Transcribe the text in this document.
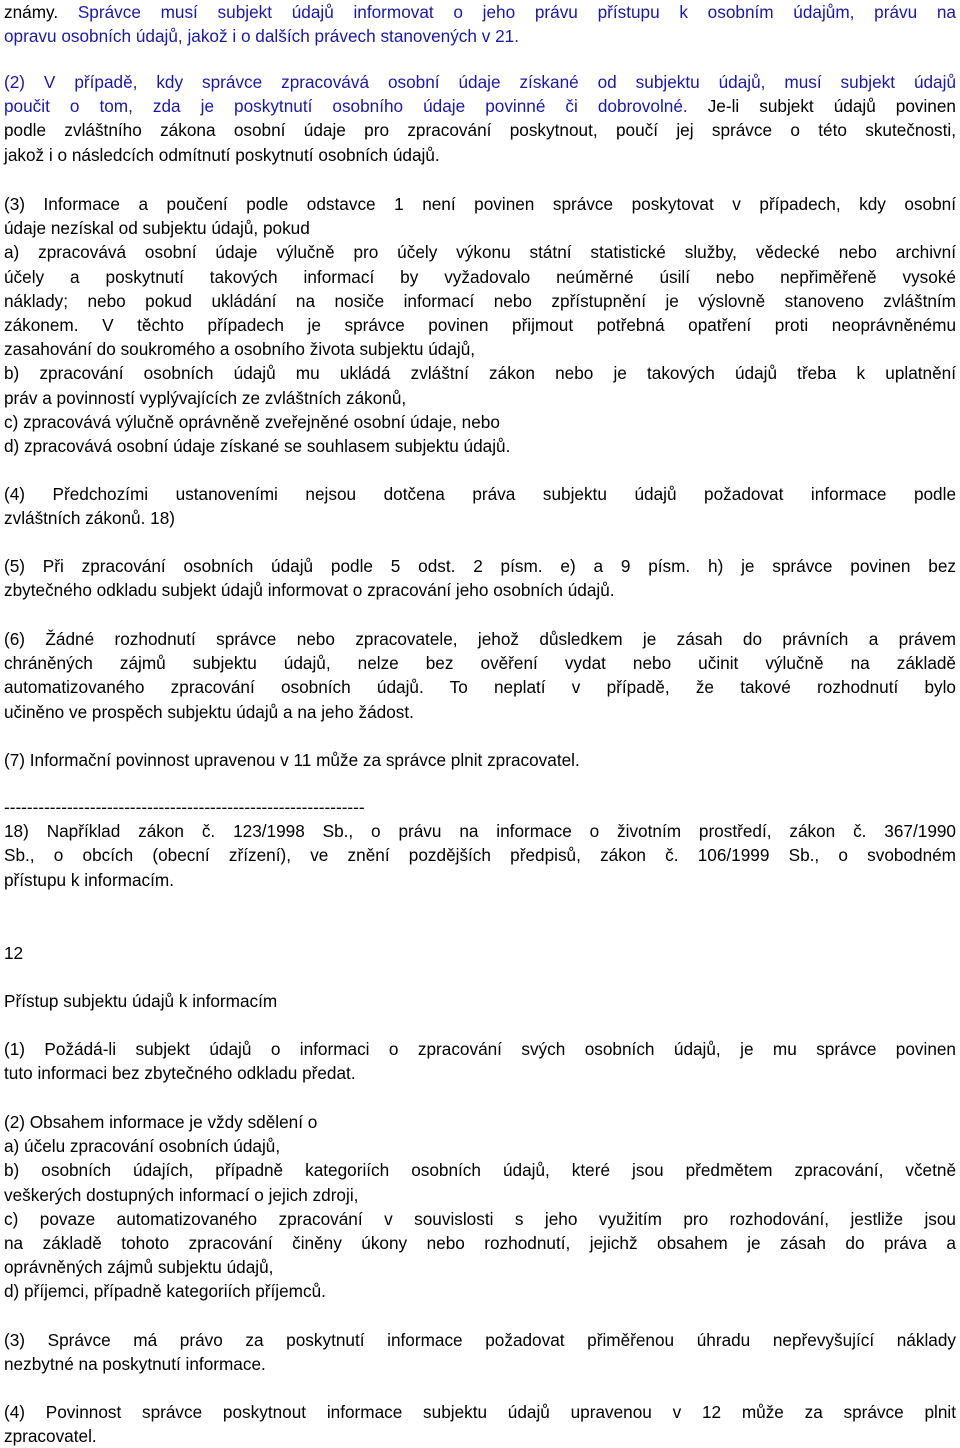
známy. Správce musí subjekt údajů informovat o jeho právu přístupu k osobním údajům, právu na
opravu osobních údajů, jakož i o dalších právech stanovených v 21.
(2) V případě, kdy správce zpracovává osobní údaje získané od subjektu údajů, musí subjekt údajů
poučit o tom, zda je poskytnutí osobního údaje povinné či dobrovolné. Je-li subjekt údajů povinen
podle zvláštního zákona osobní údaje pro zpracování poskytnout, poučí jej správce o této skutečnosti,
jakož i o následcích odmítnutí poskytnutí osobních údajů.
(3) Informace a poučení podle odstavce 1 není povinen správce poskytovat v případech, kdy osobní
údaje nezískal od subjektu údajů, pokud
a) zpracovává osobní údaje výlučně pro účely výkonu státní statistické služby, vědecké nebo archivní
účely a poskytnutí takových informací by vyžadovalo neúměrné úsilí nebo nepřiměřeně vysoké
náklady; nebo pokud ukládání na nosiče informací nebo zpřístupnění je výslovně stanoveno zvláštním
zákonem. V těchto případech je správce povinen přijmout potřebná opatření proti neoprávněnému
zasahování do soukromého a osobního života subjektu údajů,
b) zpracování osobních údajů mu ukládá zvláštní zákon nebo je takových údajů třeba k uplatnění
práv a povinností vyplývajících ze zvláštních zákonů,
c) zpracovává výlučně oprávněně zveřejněné osobní údaje, nebo
d) zpracovává osobní údaje získané se souhlasem subjektu údajů.
(4) Předchozími ustanoveními nejsou dotčena práva subjektu údajů požadovat informace podle
zvláštních zákonů. 18)
(5) Při zpracování osobních údajů podle 5 odst. 2 písm. e) a 9 písm. h) je správce povinen bez
zbytečného odkladu subjekt údajů informovat o zpracování jeho osobních údajů.
(6) Žádné rozhodnutí správce nebo zpracovatele, jehož důsledkem je zásah do právních a právem
chráněných zájmů subjektu údajů, nelze bez ověření vydat nebo učinit výlučně na základě
automatizovaného zpracování osobních údajů. To neplatí v případě, že takové rozhodnutí bylo
učiněno ve prospěch subjektu údajů a na jeho žádost.
(7) Informační povinnost upravenou v 11 může za správce plnit zpracovatel.
---------------------------------------------------------------
18) Například zákon č. 123/1998 Sb., o právu na informace o životním prostředí, zákon č. 367/1990
Sb., o obcích (obecní zřízení), ve znění pozdějších předpisů, zákon č. 106/1999 Sb., o svobodném
přístupu k informacím.
12
Přístup subjektu údajů k informacím
(1) Požádá-li subjekt údajů o informaci o zpracování svých osobních údajů, je mu správce povinen
tuto informaci bez zbytečného odkladu předat.
(2) Obsahem informace je vždy sdělení o
a) účelu zpracování osobních údajů,
b) osobních údajích, případně kategoriích osobních údajů, které jsou předmětem zpracování, včetně
veškerých dostupných informací o jejich zdroji,
c) povaze automatizovaného zpracování v souvislosti s jeho využitím pro rozhodování, jestliže jsou
na základě tohoto zpracování činěny úkony nebo rozhodnutí, jejichž obsahem je zásah do práva a
oprávněných zájmů subjektu údajů,
d) příjemci, případně kategoriích příjemců.
(3) Správce má právo za poskytnutí informace požadovat přiměřenou úhradu nepřevyšující náklady
nezbytné na poskytnutí informace.
(4) Povinnost správce poskytnout informace subjektu údajů upravenou v 12 může za správce plnit
zpracovatel.
